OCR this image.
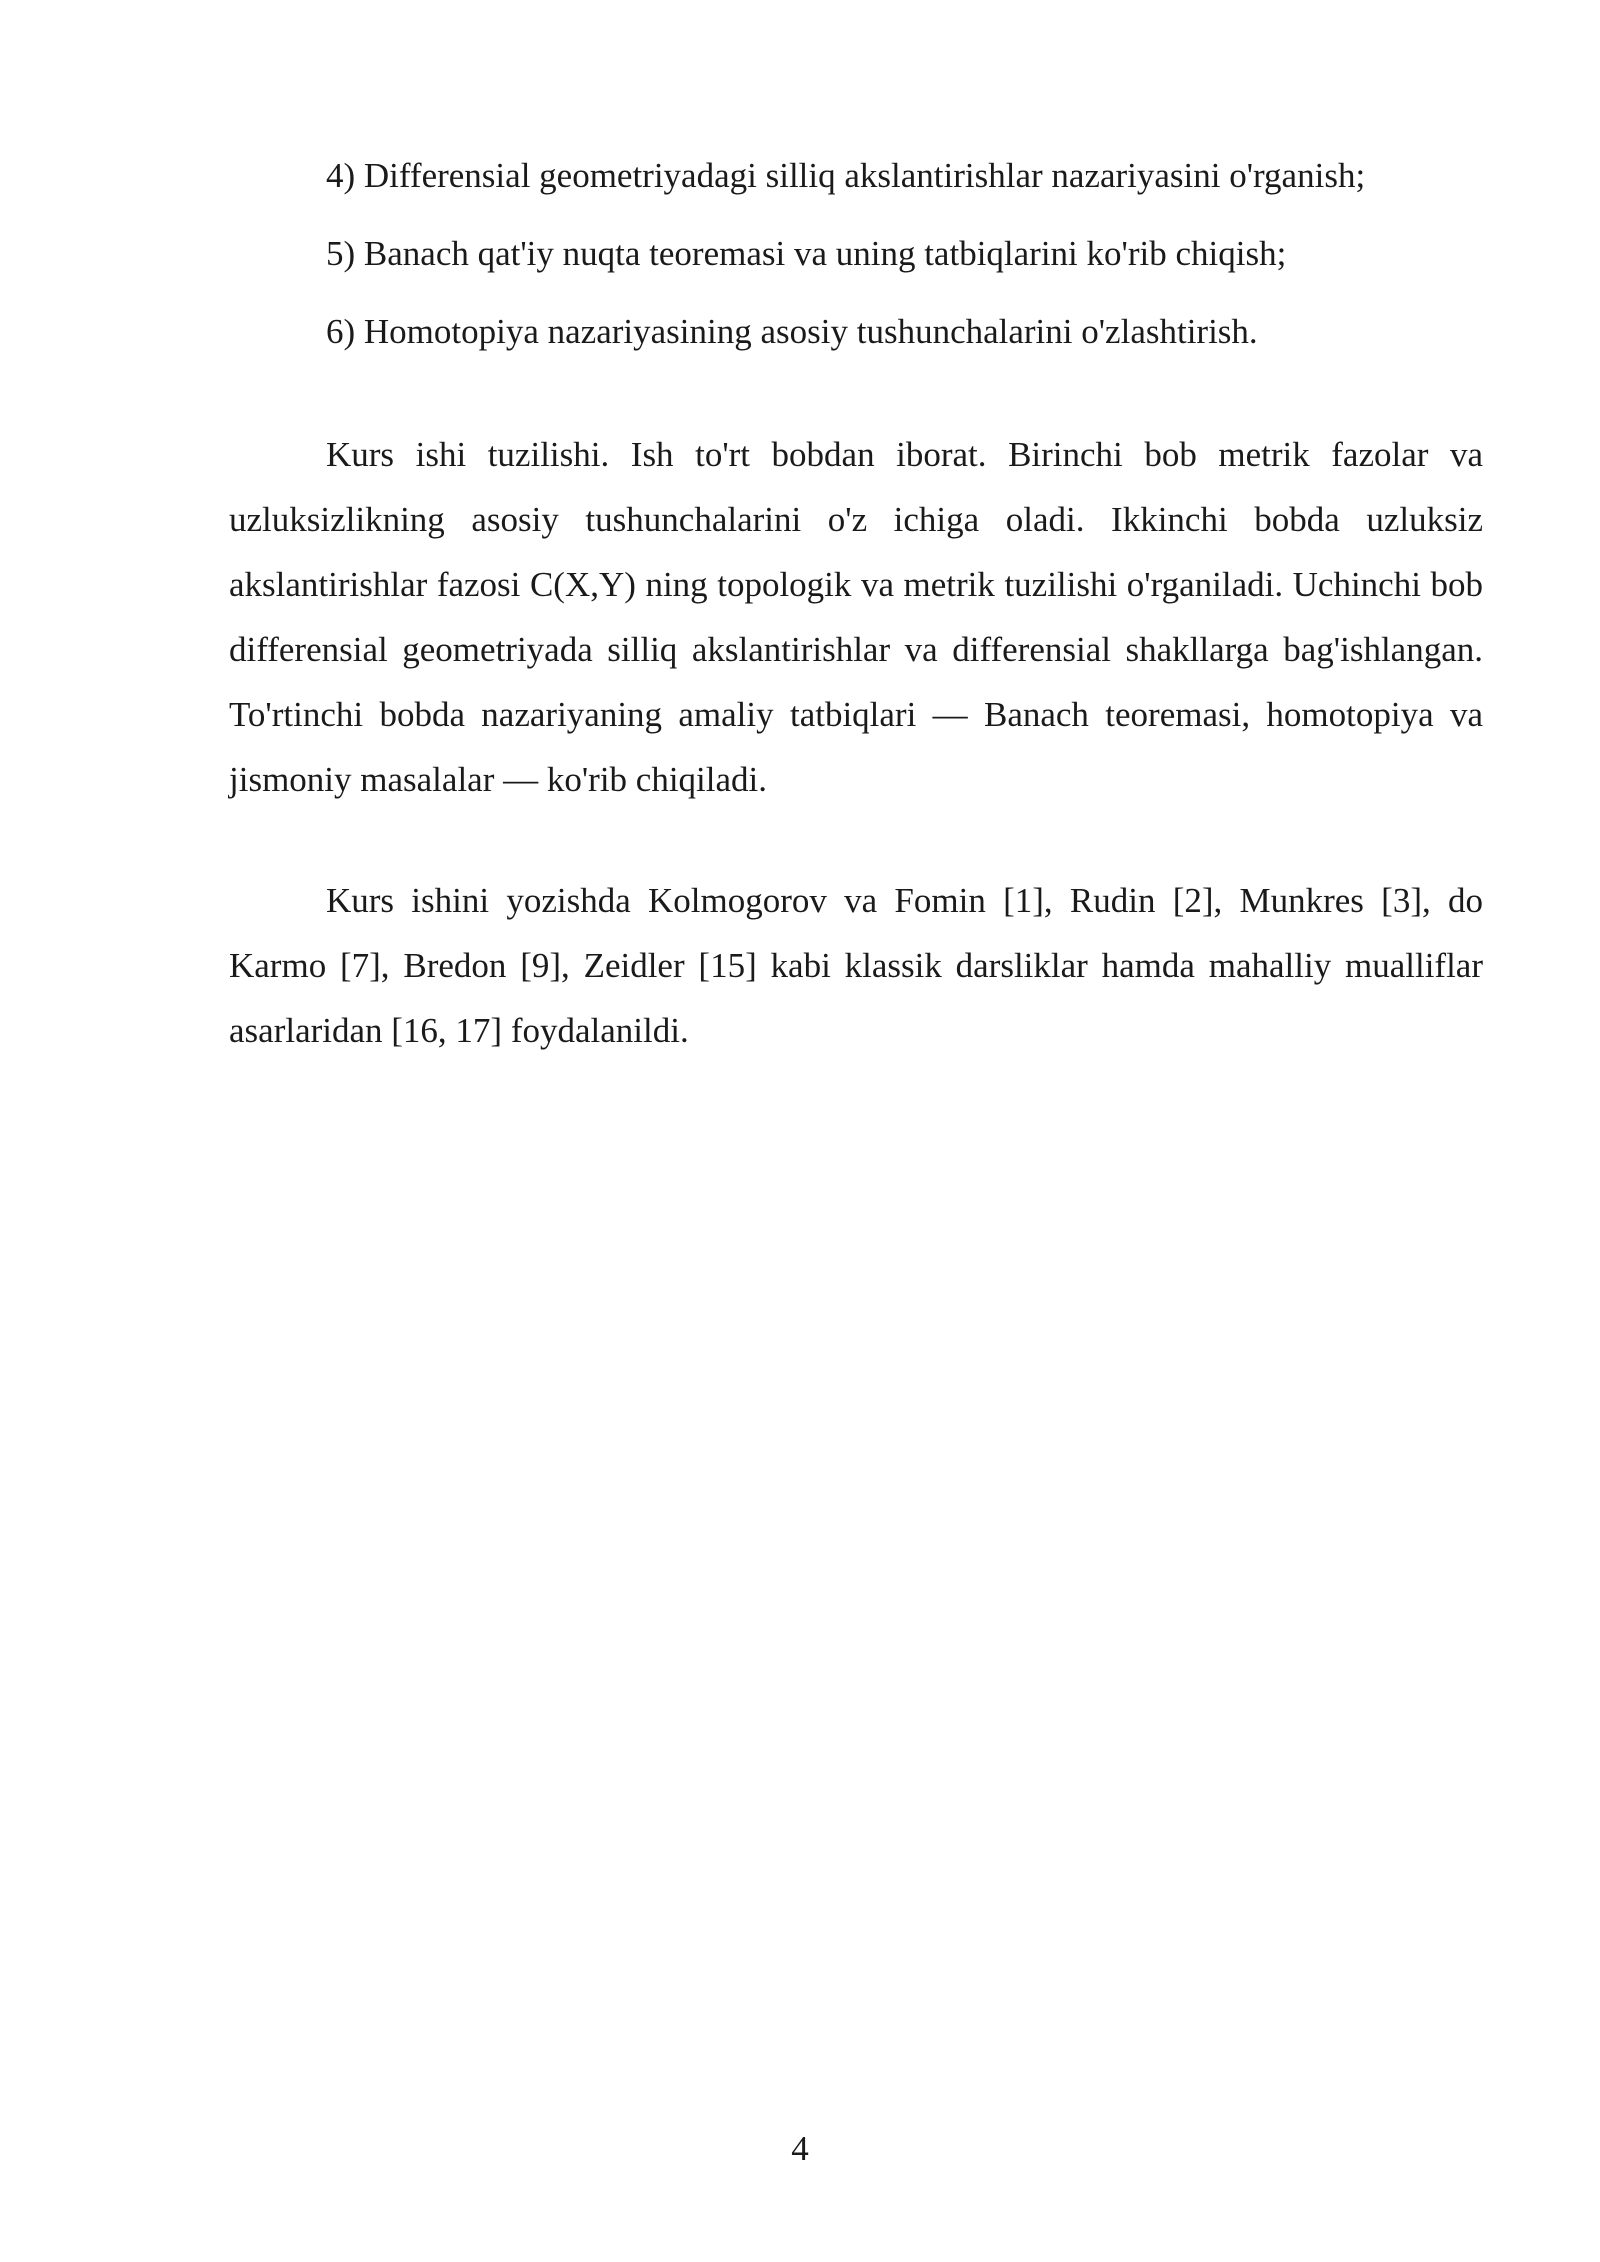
4) Differensial geometriyadagi silliq akslantirishlar nazariyasini o'rganish;
5) Banach qat'iy nuqta teoremasi va uning tatbiqlarini ko'rib chiqish;
6) Homotopiya nazariyasining asosiy tushunchalarini o'zlashtirish.

Kurs ishi tuzilishi. Ish to'rt bobdan iborat. Birinchi bob metrik fazolar va uzluksizlikning asosiy tushunchalarini o'z ichiga oladi. Ikkinchi bobda uzluksiz akslantirishlar fazosi C(X,Y) ning topologik va metrik tuzilishi o'rganiladi. Uchinchi bob differensial geometriyada silliq akslantirishlar va differensial shakllarga bag'ishlangan. To'rtinchi bobda nazariyaning amaliy tatbiqlari — Banach teoremasi, homotopiya va jismoniy masalalar — ko'rib chiqiladi.

Kurs ishini yozishda Kolmogorov va Fomin [1], Rudin [2], Munkres [3], do Karmo [7], Bredon [9], Zeidler [15] kabi klassik darsliklar hamda mahalliy mualliflar asarlaridan [16, 17] foydalanildi.

4
